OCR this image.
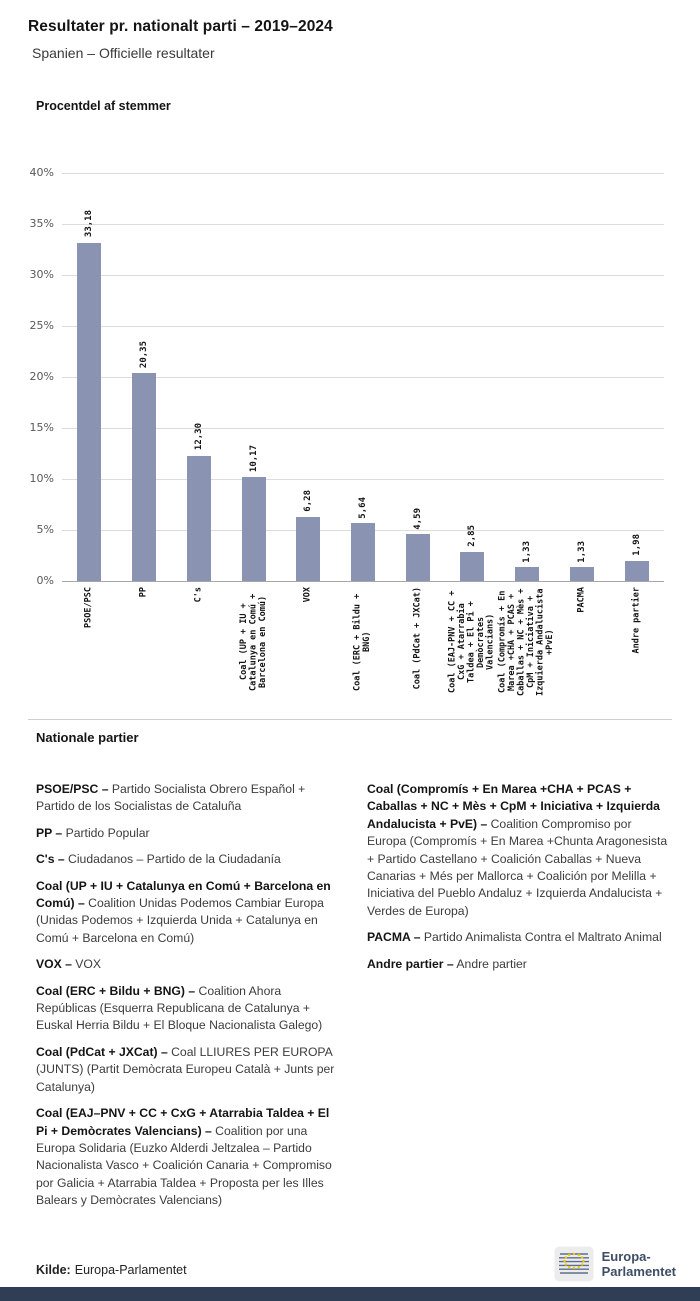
Resultater pr. nationalt parti – 2019–2024
Spanien – Officielle resultater
Procentdel af stemmer
0%
5%
10%
15%
20%
25%
30%
35%
40%
33,18
PSOE/PSC
20,35
PP
12,30
C's
10,17
Coal (UP + IU + Catalunya en Comú + Barcelona en Comú)
6,28
VOX
5,64
Coal (ERC + Bildu + BNG)
4,59
Coal (PdCat + JXCat)
2,85
Coal (EAJ-PNV + CC + CxG + Atarrabia Taldea + El Pi + Demòcrates Valencians)
1,33
Coal (Compromís + En Marea +CHA + PCAS + Caballas + NC + Mès + CpM + Iniciativa + Izquierda Andalucista +PvE)
1,33
PACMA
1,98
Andre partier
Nationale partier

PSOE/PSC – Partido Socialista Obrero Español + Partido de los Socialistas de Cataluña

PP – Partido Popular

C's – Ciudadanos – Partido de la Ciudadanía

Coal (UP + IU + Catalunya en Comú + Barcelona en Comú) – Coalition Unidas Podemos Cambiar Europa (Unidas Podemos + Izquierda Unida + Catalunya en Comú + Barcelona en Comú)

VOX – VOX

Coal (ERC + Bildu + BNG) – Coalition Ahora Repúblicas (Esquerra Republicana de Catalunya + Euskal Herria Bildu + El Bloque Nacionalista Galego)

Coal (PdCat + JXCat) – Coal LLIURES PER EUROPA (JUNTS) (Partit Demòcrata Europeu Català + Junts per Catalunya)

Coal (EAJ–PNV + CC + CxG + Atarrabia Taldea + El Pi + Demòcrates Valencians) – Coalition por una Europa Solidaria (Euzko Alderdi Jeltzalea – Partido Nacionalista Vasco + Coalición Canaria + Compromiso por Galicia + Atarrabia Taldea + Proposta per les Illes Balears y Demòcrates Valencians)

Coal (Compromís + En Marea +CHA + PCAS + Caballas + NC + Mès + CpM + Iniciativa + Izquierda Andalucista + PvE) – Coalition Compromiso por Europa (Compromís + En Marea +Chunta Aragonesista + Partido Castellano + Coalición Caballas + Nueva Canarias + Més per Mallorca + Coalición por Melilla + Iniciativa del Pueblo Andaluz + Izquierda Andalucista + Verdes de Europa)

PACMA – Partido Animalista Contra el Maltrato Animal

Andre partier – Andre partier

Kilde: Europa-Parlamentet
Europa-
Parlamentet
